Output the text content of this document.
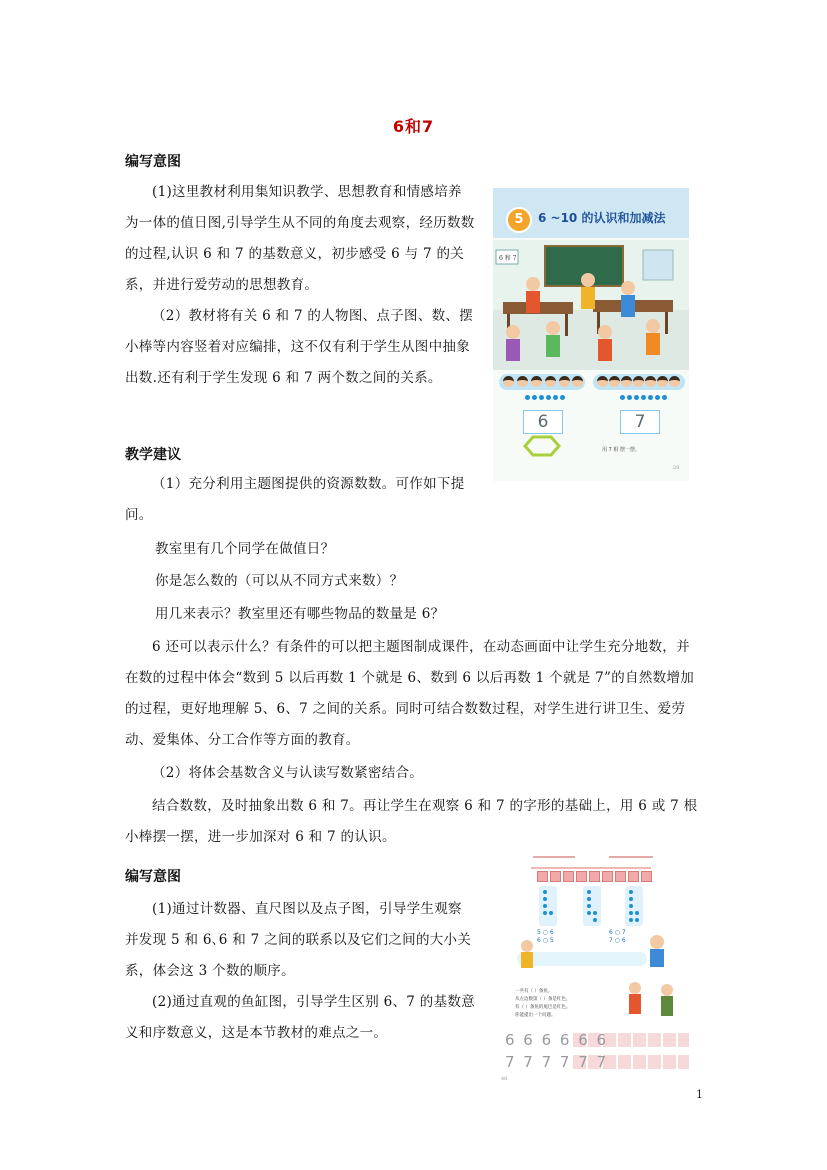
6和7
编写意图

(1)这里教材利用集知识教学、思想教育和情感培养为一体的值日图,引导学生从不同的角度去观察，经历数数的过程,认识 6 和 7 的基数意义，初步感受 6 与 7 的关系，并进行爱劳动的思想教育。

（2）教材将有关 6 和 7 的人物图、点子图、数、摆小棒等内容竖着对应编排，这不仅有利于学生从图中抽象出数.还有利于学生发现 6 和 7 两个数之间的关系。

教学建议

（1）充分利用主题图提供的资源数数。可作如下提问。

教室里有几个同学在做值日？
你是怎么数的（可以从不同方式来数）？
用几来表示？教室里还有哪些物品的数量是 6？

6 还可以表示什么？有条件的可以把主题图制成课件，在动态画面中让学生充分地数，并在数的过程中体会“数到 5 以后再数 1 个就是 6、数到 6 以后再数 1 个就是 7”的自然数增加的过程，更好地理解 5、6、7 之间的关系。同时可结合数数过程，对学生进行讲卫生、爱劳动、爱集体、分工合作等方面的教育。

（2）将体会基数含义与认读写数紧密结合。

结合数数，及时抽象出数 6 和 7。再让学生在观察 6 和 7 的字形的基础上，用 6 或 7 根小棒摆一摆，进一步加深对 6 和 7 的认识。

编写意图

(1)通过计数器、直尺图以及点子图，引导学生观察并发现 5 和 6､6 和 7 之间的联系以及它们之间的大小关系，体会这 3 个数的顺序。

(2)通过直观的鱼缸图，引导学生区别 6、7 的基数意义和序数意义，这是本节教材的难点之一。

5	6 ~10 的认识和加减法
6 和 7
6	7
用 7 根 摆一摆。
29
5 ○ 6
6 ○ 5
6 ○ 7
7 ○ 6
一共有（ ）条鱼。
从左边数第（ ）条是红色，
有（ ）条鱼的尾巴是红色。
你能提出一个问题。
6 6 6 6 6 6
7 7 7 7 7 7
46
1
